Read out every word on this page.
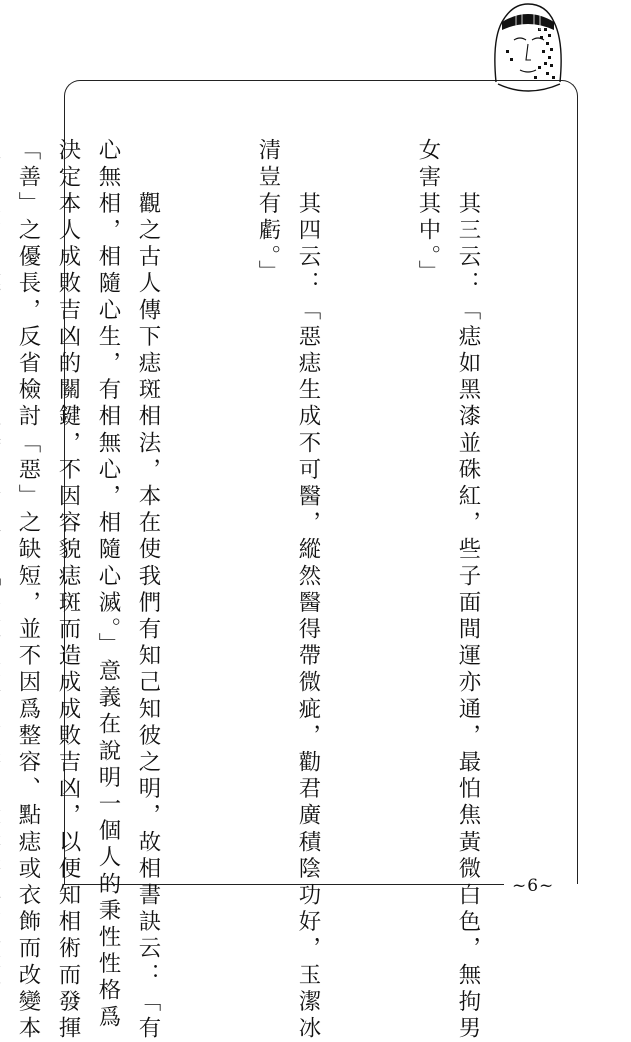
　　其三云：「痣如黑漆並硃紅，些子面間運亦通，最怕焦黃微白色，無拘男
女害其中。」

　　其四云：「惡痣生成不可醫，縱然醫得帶微疵，勸君廣積陰功好，玉潔冰
清豈有虧。」

　　觀之古人傳下痣斑相法，本在使我們有知己知彼之明，故相書訣云：「有
心無相，相隨心生，有相無心，相隨心滅。」意義在說明一個人的秉性性格爲
決定本人成敗吉凶的關鍵，不因容貌痣斑而造成成敗吉凶，以便知相術而發揮
「善」之優長，反省檢討「惡」之缺短，並不因爲整容、點痣或衣飾而改變本

	~6~
